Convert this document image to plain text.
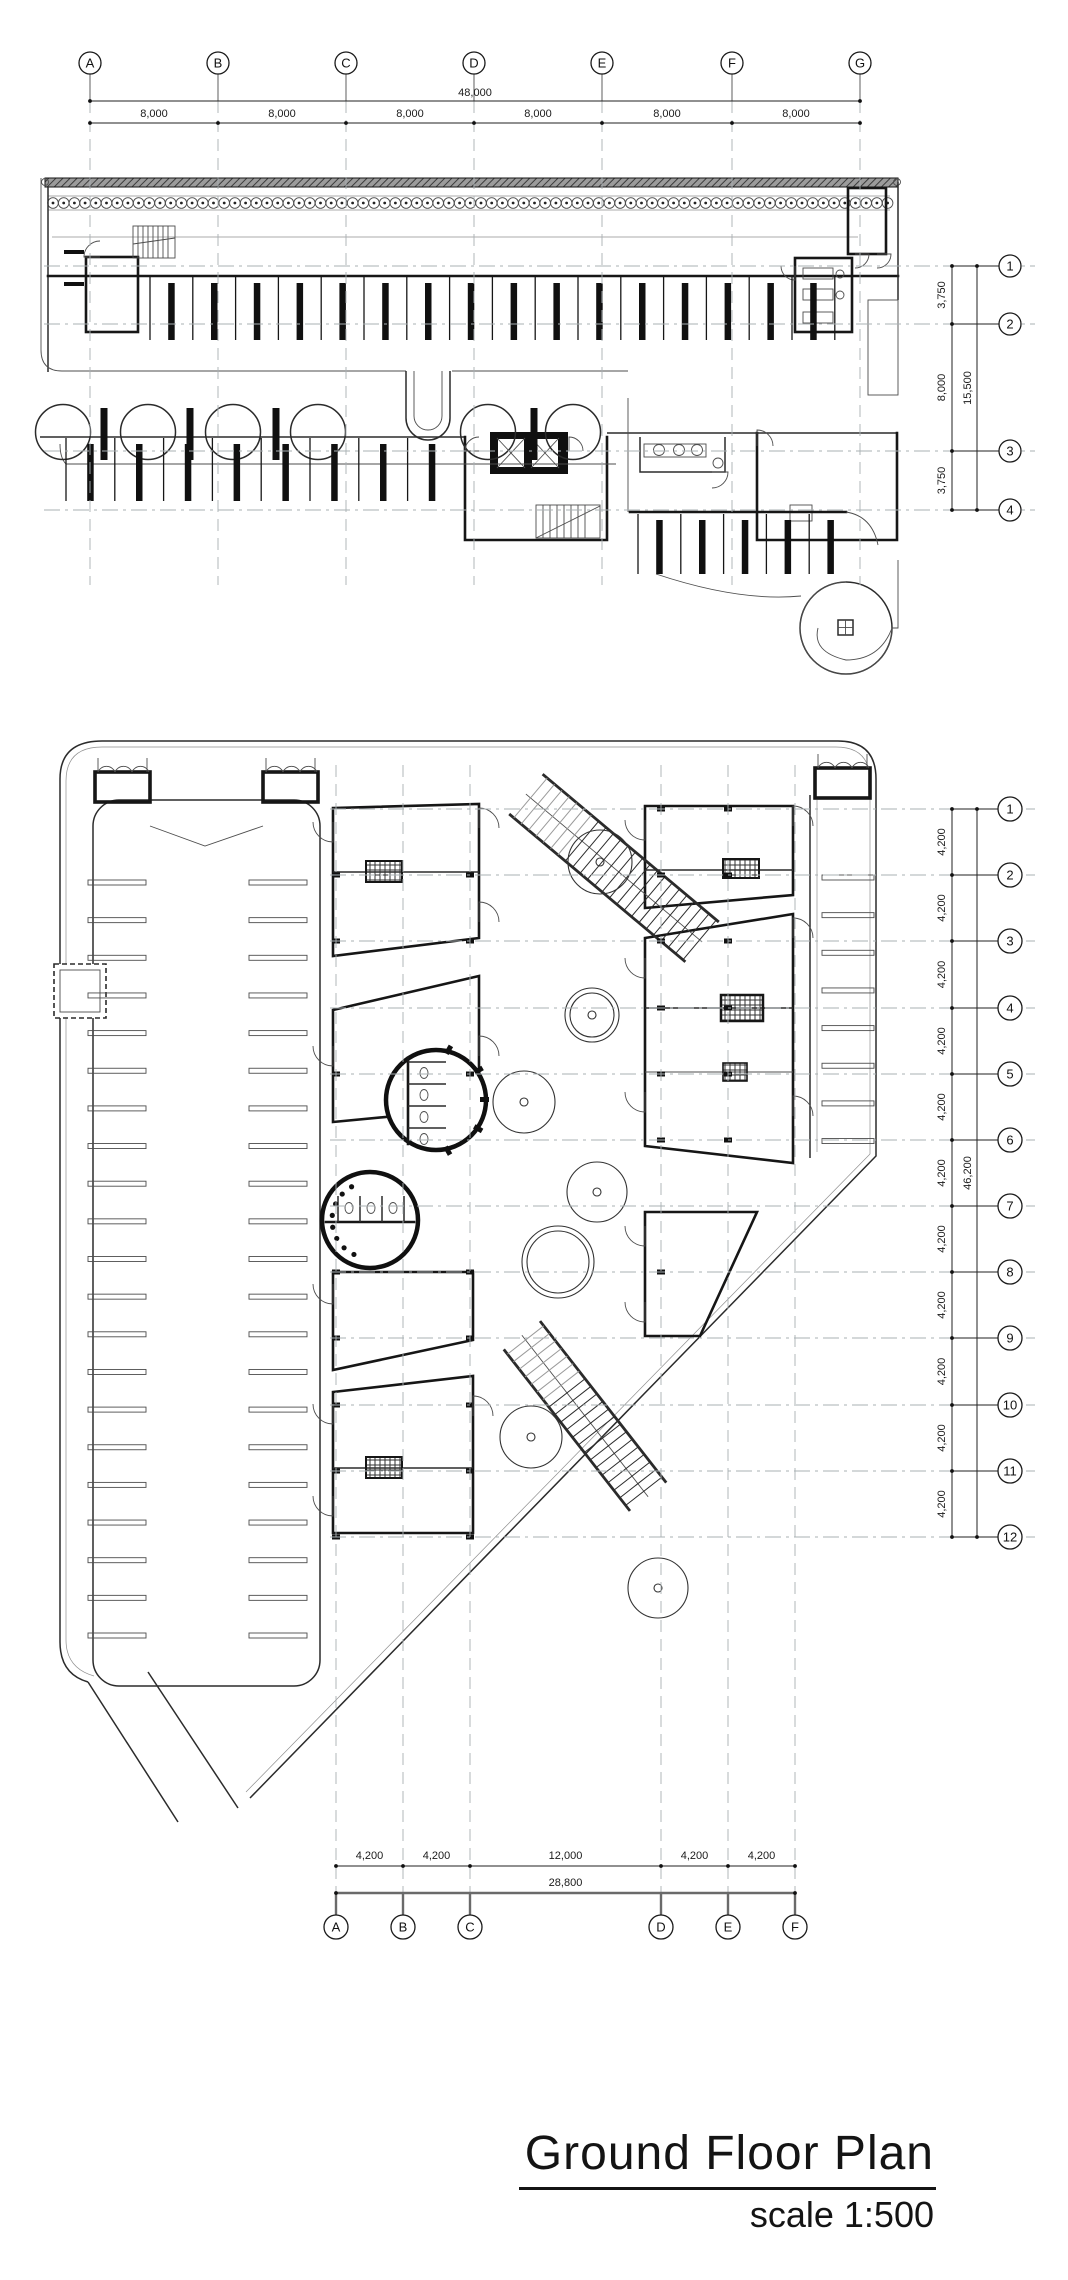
A	B	C	D	E	F	G
48,000
8,000	8,000	8,000	8,000	8,000	8,000
1
2
3
4
3,750
8,000
3,750
15,500
A	B	C	D	E	F
4,200	4,200	12,000	4,200	4,200
28,800
1
2
3
4
5
6
7
8
9
10
11
12
4,200
4,200
4,200
4,200
4,200
4,200
4,200
4,200
4,200
4,200
4,200
46,200
Ground Floor Plan
scale 1:500
